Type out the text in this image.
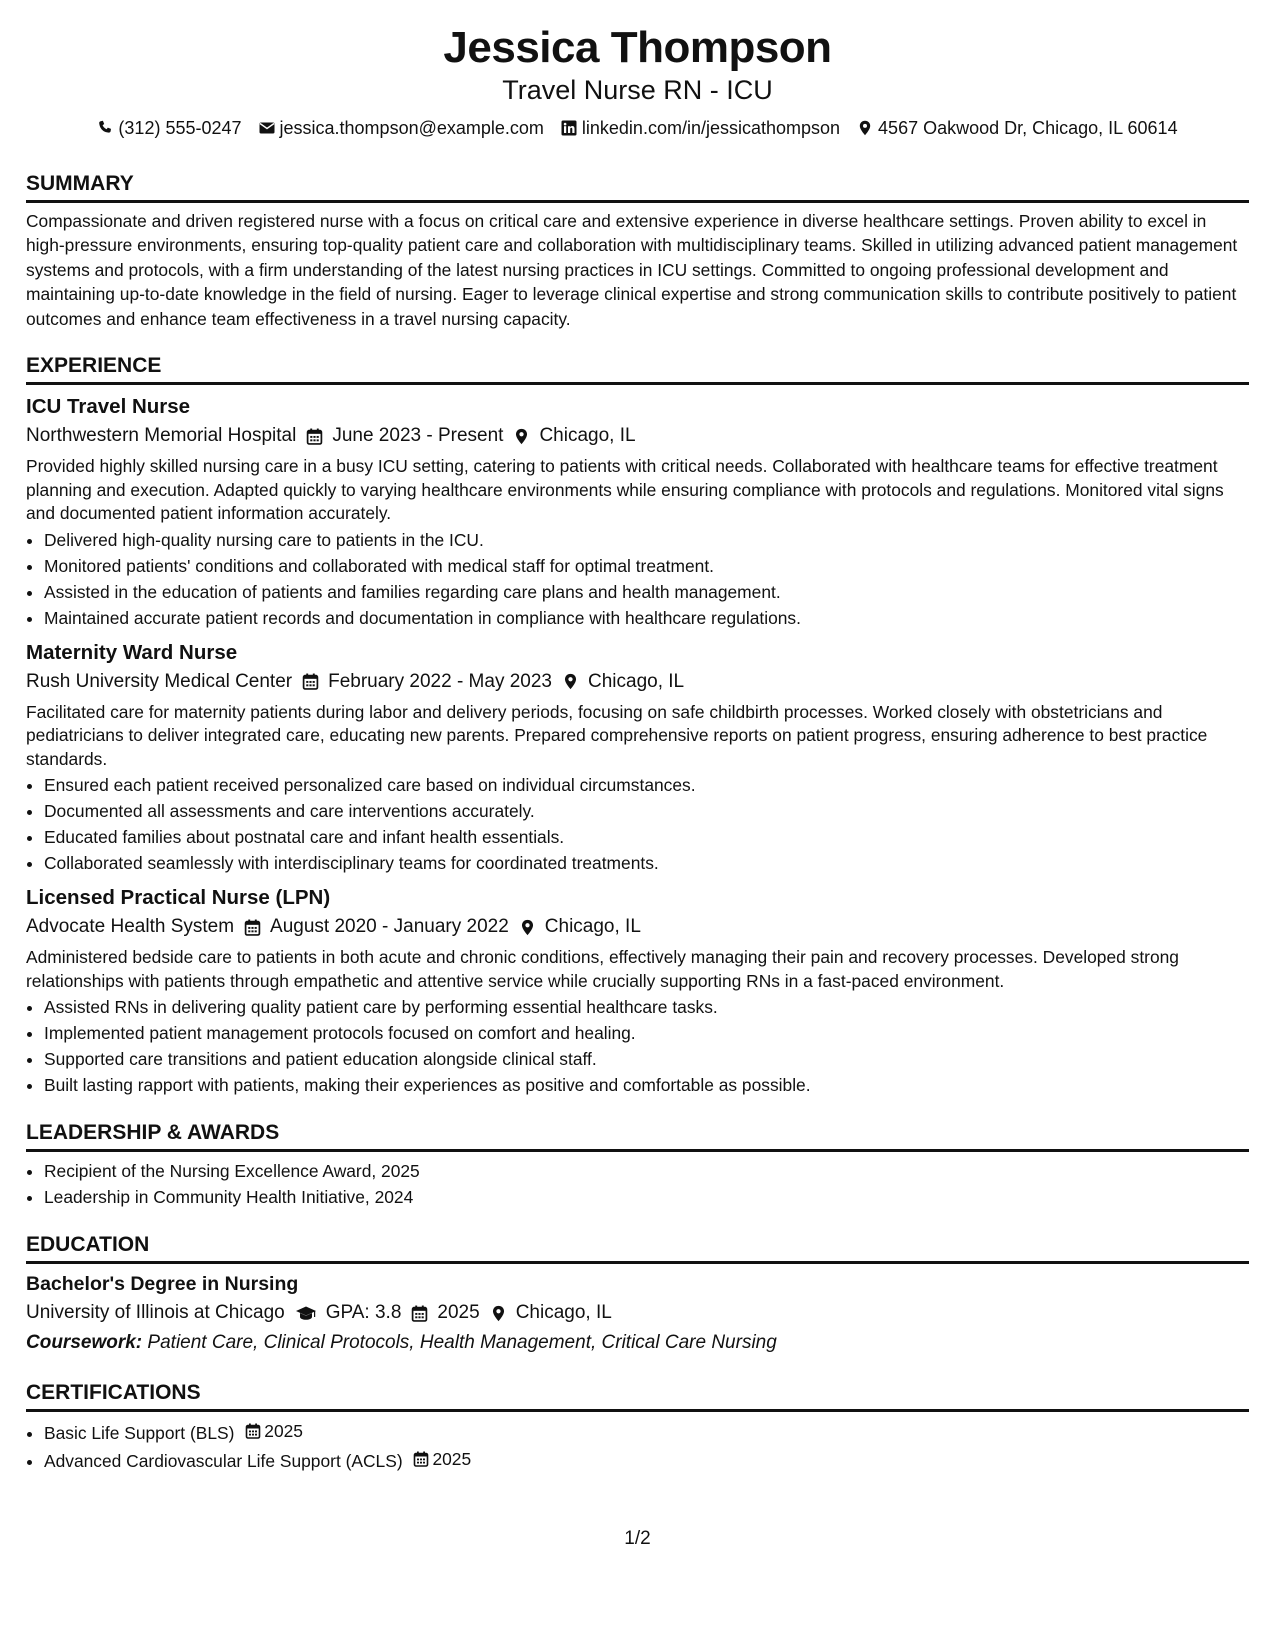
Jessica Thompson
Travel Nurse RN - ICU
(312) 555-0247 jessica.thompson@example.com linkedin.com/in/jessicathompson 4567 Oakwood Dr, Chicago, IL 60614
SUMMARY
Compassionate and driven registered nurse with a focus on critical care and extensive experience in diverse healthcare settings. Proven ability to excel in high-pressure environments, ensuring top-quality patient care and collaboration with multidisciplinary teams. Skilled in utilizing advanced patient management systems and protocols, with a firm understanding of the latest nursing practices in ICU settings. Committed to ongoing professional development and maintaining up-to-date knowledge in the field of nursing. Eager to leverage clinical expertise and strong communication skills to contribute positively to patient outcomes and enhance team effectiveness in a travel nursing capacity.
EXPERIENCE
ICU Travel Nurse
Northwestern Memorial Hospital June 2023 - Present Chicago, IL
Provided highly skilled nursing care in a busy ICU setting, catering to patients with critical needs. Collaborated with healthcare teams for effective treatment planning and execution. Adapted quickly to varying healthcare environments while ensuring compliance with protocols and regulations. Monitored vital signs and documented patient information accurately.
• Delivered high-quality nursing care to patients in the ICU.
• Monitored patients' conditions and collaborated with medical staff for optimal treatment.
• Assisted in the education of patients and families regarding care plans and health management.
• Maintained accurate patient records and documentation in compliance with healthcare regulations.
Maternity Ward Nurse
Rush University Medical Center February 2022 - May 2023 Chicago, IL
Facilitated care for maternity patients during labor and delivery periods, focusing on safe childbirth processes. Worked closely with obstetricians and pediatricians to deliver integrated care, educating new parents. Prepared comprehensive reports on patient progress, ensuring adherence to best practice standards.
• Ensured each patient received personalized care based on individual circumstances.
• Documented all assessments and care interventions accurately.
• Educated families about postnatal care and infant health essentials.
• Collaborated seamlessly with interdisciplinary teams for coordinated treatments.
Licensed Practical Nurse (LPN)
Advocate Health System August 2020 - January 2022 Chicago, IL
Administered bedside care to patients in both acute and chronic conditions, effectively managing their pain and recovery processes. Developed strong relationships with patients through empathetic and attentive service while crucially supporting RNs in a fast-paced environment.
• Assisted RNs in delivering quality patient care by performing essential healthcare tasks.
• Implemented patient management protocols focused on comfort and healing.
• Supported care transitions and patient education alongside clinical staff.
• Built lasting rapport with patients, making their experiences as positive and comfortable as possible.
LEADERSHIP & AWARDS
• Recipient of the Nursing Excellence Award, 2025
• Leadership in Community Health Initiative, 2024
EDUCATION
Bachelor's Degree in Nursing
University of Illinois at Chicago GPA: 3.8 2025 Chicago, IL
Coursework: Patient Care, Clinical Protocols, Health Management, Critical Care Nursing
CERTIFICATIONS
• Basic Life Support (BLS) 2025
• Advanced Cardiovascular Life Support (ACLS) 2025
1/2
